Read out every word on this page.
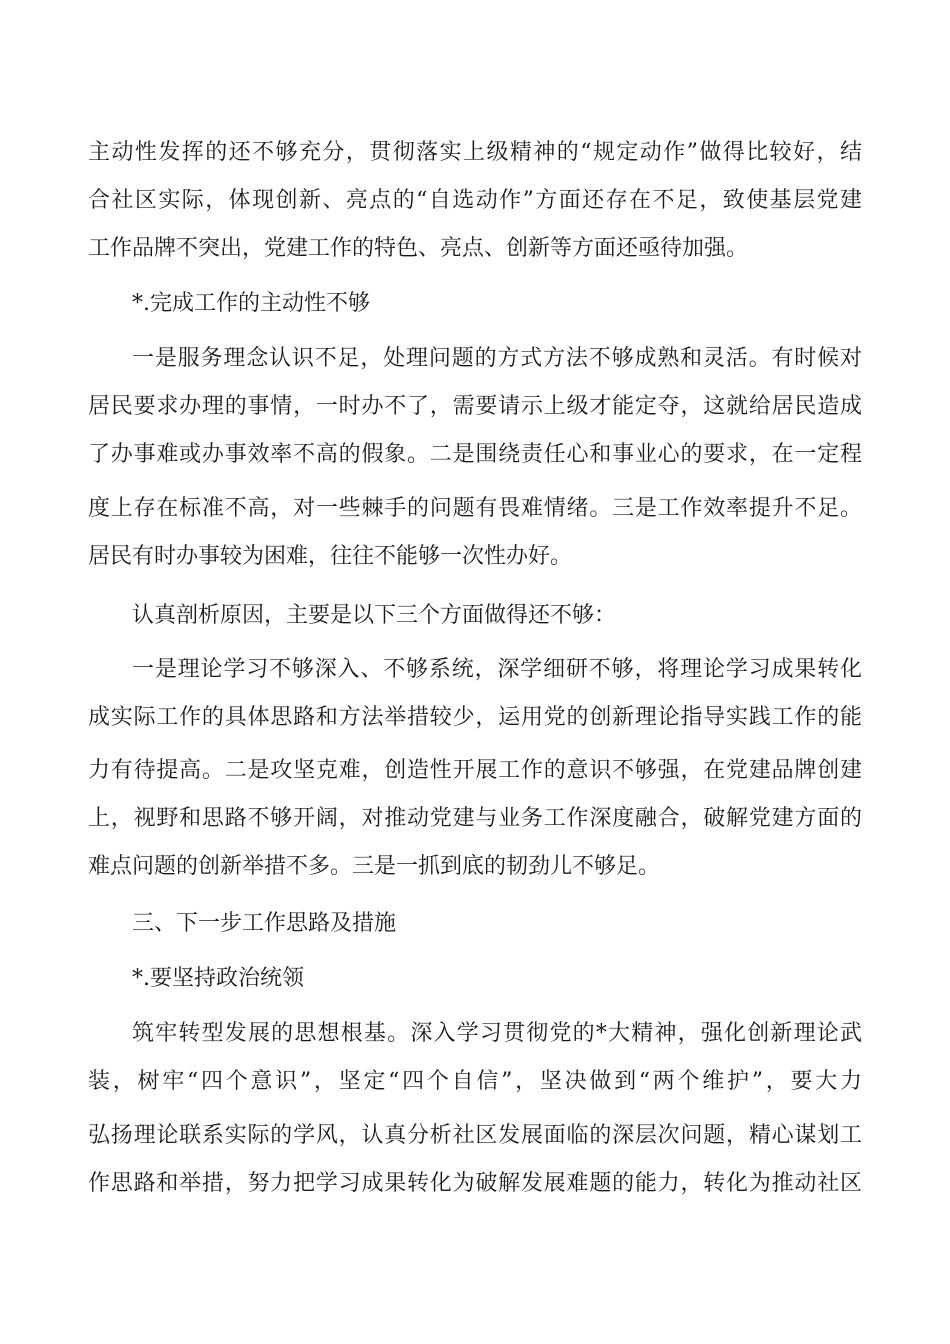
主动性发挥的还不够充分，贯彻落实上级精神的“规定动作”做得比较好，结
合社区实际，体现创新、亮点的“自选动作”方面还存在不足，致使基层党建
工作品牌不突出，党建工作的特色、亮点、创新等方面还亟待加强。
*.完成工作的主动性不够
一是服务理念认识不足，处理问题的方式方法不够成熟和灵活。有时候对
居民要求办理的事情，一时办不了，需要请示上级才能定夺，这就给居民造成
了办事难或办事效率不高的假象。二是围绕责任心和事业心的要求，在一定程
度上存在标准不高，对一些棘手的问题有畏难情绪。三是工作效率提升不足。
居民有时办事较为困难，往往不能够一次性办好。
认真剖析原因，主要是以下三个方面做得还不够：
一是理论学习不够深入、不够系统，深学细研不够，将理论学习成果转化
成实际工作的具体思路和方法举措较少，运用党的创新理论指导实践工作的能
力有待提高。二是攻坚克难，创造性开展工作的意识不够强，在党建品牌创建
上，视野和思路不够开阔，对推动党建与业务工作深度融合，破解党建方面的
难点问题的创新举措不多。三是一抓到底的韧劲儿不够足。
三、下一步工作思路及措施
*.要坚持政治统领
筑牢转型发展的思想根基。深入学习贯彻党的*大精神，强化创新理论武
装，树牢“四个意识”，坚定“四个自信”，坚决做到“两个维护”，要大力
弘扬理论联系实际的学风，认真分析社区发展面临的深层次问题，精心谋划工
作思路和举措，努力把学习成果转化为破解发展难题的能力，转化为推动社区
